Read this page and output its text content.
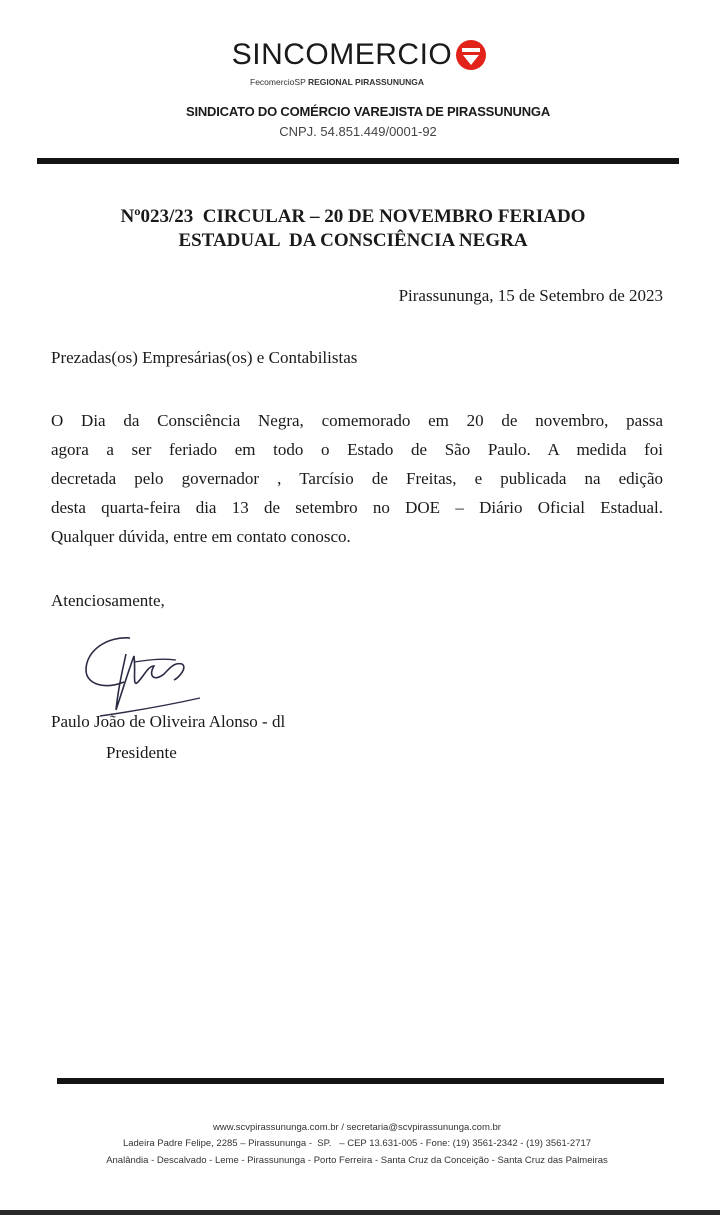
SINCOMERCIO
FecomercioSP REGIONAL PIRASSUNUNGA
SINDICATO DO COMÉRCIO VAREJISTA DE PIRASSUNUNGA
CNPJ. 54.851.449/0001-92
Nº023/23  CIRCULAR – 20 DE NOVEMBRO FERIADO
ESTADUAL  DA CONSCIÊNCIA NEGRA
Pirassununga, 15 de Setembro de 2023
Prezadas(os) Empresárias(os) e Contabilistas
O Dia da Consciência Negra, comemorado em 20 de novembro, passa
agora a ser feriado em todo o Estado de São Paulo. A medida foi
decretada pelo governador , Tarcísio de Freitas, e publicada na edição
desta quarta-feira dia 13 de setembro no DOE – Diário Oficial Estadual.
Qualquer dúvida, entre em contato conosco.
Atenciosamente,
Paulo João de Oliveira Alonso - dl
Presidente
www.scvpirassununga.com.br / secretaria@scvpirassununga.com.br
Ladeira Padre Felipe, 2285 – Pirassununga -  SP.   – CEP 13.631-005 - Fone: (19) 3561-2342 - (19) 3561-2717
Analândia - Descalvado - Leme - Pirassununga - Porto Ferreira - Santa Cruz da Conceição - Santa Cruz das Palmeiras
